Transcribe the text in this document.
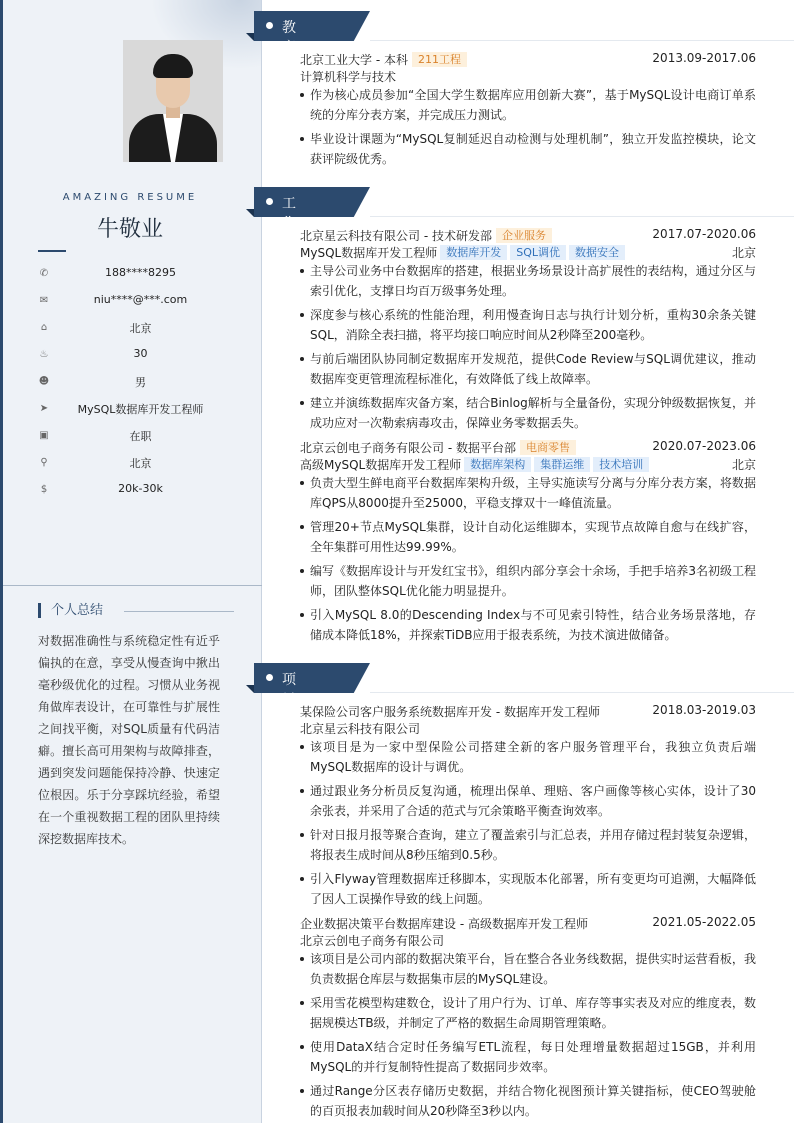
AMAZING RESUME
牛敬业
✆	188****8295
✉	niu****@***.com
⌂	北京
♨	30
☻	男
➤	MySQL数据库开发工程师
▣	在职
⚲	北京
$	20k-30k
个人总结
对数据准确性与系统稳定性有近乎偏执的在意，享受从慢查询中揪出毫秒级优化的过程。习惯从业务视角做库表设计，在可靠性与扩展性之间找平衡，对SQL质量有代码洁癖。擅长高可用架构与故障排查，遇到突发问题能保持冷静、快速定位根因。乐于分享踩坑经验，希望在一个重视数据工程的团队里持续深挖数据库技术。
教育经历
北京工业大学 - 本科 211工程	2013.09-2017.06
计算机科学与技术
作为核心成员参加“全国大学生数据库应用创新大赛”，基于MySQL设计电商订单系统的分库分表方案，并完成压力测试。
毕业设计课题为“MySQL复制延迟自动检测与处理机制”，独立开发监控模块，论文获评院级优秀。
工作经历
北京星云科技有限公司 - 技术研发部 企业服务	2017.07-2020.06
MySQL数据库开发工程师 数据库开发 SQL调优 数据安全	北京
主导公司业务中台数据库的搭建，根据业务场景设计高扩展性的表结构，通过分区与索引优化，支撑日均百万级事务处理。
深度参与核心系统的性能治理，利用慢查询日志与执行计划分析，重构30余条关键SQL，消除全表扫描，将平均接口响应时间从2秒降至200毫秒。
与前后端团队协同制定数据库开发规范，提供Code Review与SQL调优建议，推动数据库变更管理流程标准化，有效降低了线上故障率。
建立并演练数据库灾备方案，结合Binlog解析与全量备份，实现分钟级数据恢复，并成功应对一次勒索病毒攻击，保障业务零数据丢失。
北京云创电子商务有限公司 - 数据平台部 电商零售	2020.07-2023.06
高级MySQL数据库开发工程师 数据库架构 集群运维 技术培训	北京
负责大型生鲜电商平台数据库架构升级，主导实施读写分离与分库分表方案，将数据库QPS从8000提升至25000，平稳支撑双十一峰值流量。
管理20+节点MySQL集群，设计自动化运维脚本，实现节点故障自愈与在线扩容，全年集群可用性达99.99%。
编写《数据库设计与开发红宝书》，组织内部分享会十余场，手把手培养3名初级工程师，团队整体SQL优化能力明显提升。
引入MySQL 8.0的Descending Index与不可见索引特性，结合业务场景落地，存储成本降低18%，并探索TiDB应用于报表系统，为技术演进做储备。
项目经历
某保险公司客户服务系统数据库开发 - 数据库开发工程师	2018.03-2019.03
北京星云科技有限公司
该项目是为一家中型保险公司搭建全新的客户服务管理平台，我独立负责后端MySQL数据库的设计与调优。
通过跟业务分析员反复沟通，梳理出保单、理赔、客户画像等核心实体，设计了30余张表，并采用了合适的范式与冗余策略平衡查询效率。
针对日报月报等聚合查询，建立了覆盖索引与汇总表，并用存储过程封装复杂逻辑，将报表生成时间从8秒压缩到0.5秒。
引入Flyway管理数据库迁移脚本，实现版本化部署，所有变更均可追溯，大幅降低了因人工误操作导致的线上问题。
企业数据决策平台数据库建设 - 高级数据库开发工程师	2021.05-2022.05
北京云创电子商务有限公司
该项目是公司内部的数据决策平台，旨在整合各业务线数据，提供实时运营看板，我负责数据仓库层与数据集市层的MySQL建设。
采用雪花模型构建数仓，设计了用户行为、订单、库存等事实表及对应的维度表，数据规模达TB级，并制定了严格的数据生命周期管理策略。
使用DataX结合定时任务编写ETL流程，每日处理增量数据超过15GB，并利用MySQL的并行复制特性提高了数据同步效率。
通过Range分区表存储历史数据，并结合物化视图预计算关键指标，使CEO驾驶舱的百页报表加载时间从20秒降至3秒以内。
